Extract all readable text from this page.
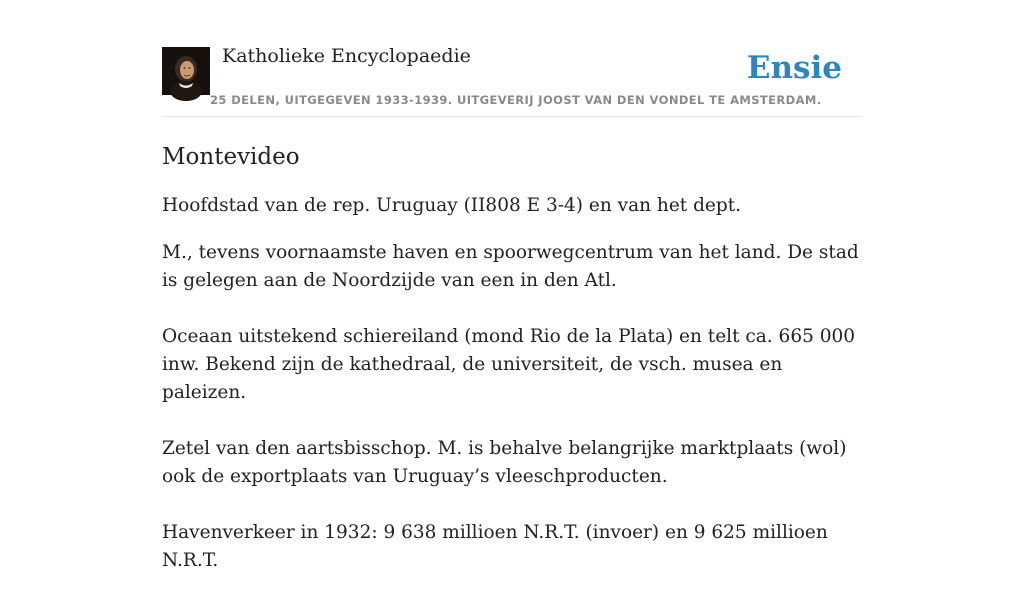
Katholieke Encyclopaedie	Ensie
25 DELEN, UITGEGEVEN 1933-1939. UITGEVERIJ JOOST VAN DEN VONDEL TE AMSTERDAM.
Montevideo

Hoofdstad van de rep. Uruguay (II808 E 3-4) en van het dept.

M., tevens voornaamste haven en spoorwegcentrum van het land. De stad is gelegen aan de Noordzijde van een in den Atl.

Oceaan uitstekend schiereiland (mond Rio de la Plata) en telt ca. 665 000 inw. Bekend zijn de kathedraal, de universiteit, de vsch. musea en paleizen.

Zetel van den aartsbisschop. M. is behalve belangrijke marktplaats (wol) ook de exportplaats van Uruguay’s vleeschproducten.

Havenverkeer in 1932: 9 638 millioen N.R.T. (invoer) en 9 625 millioen N.R.T.
